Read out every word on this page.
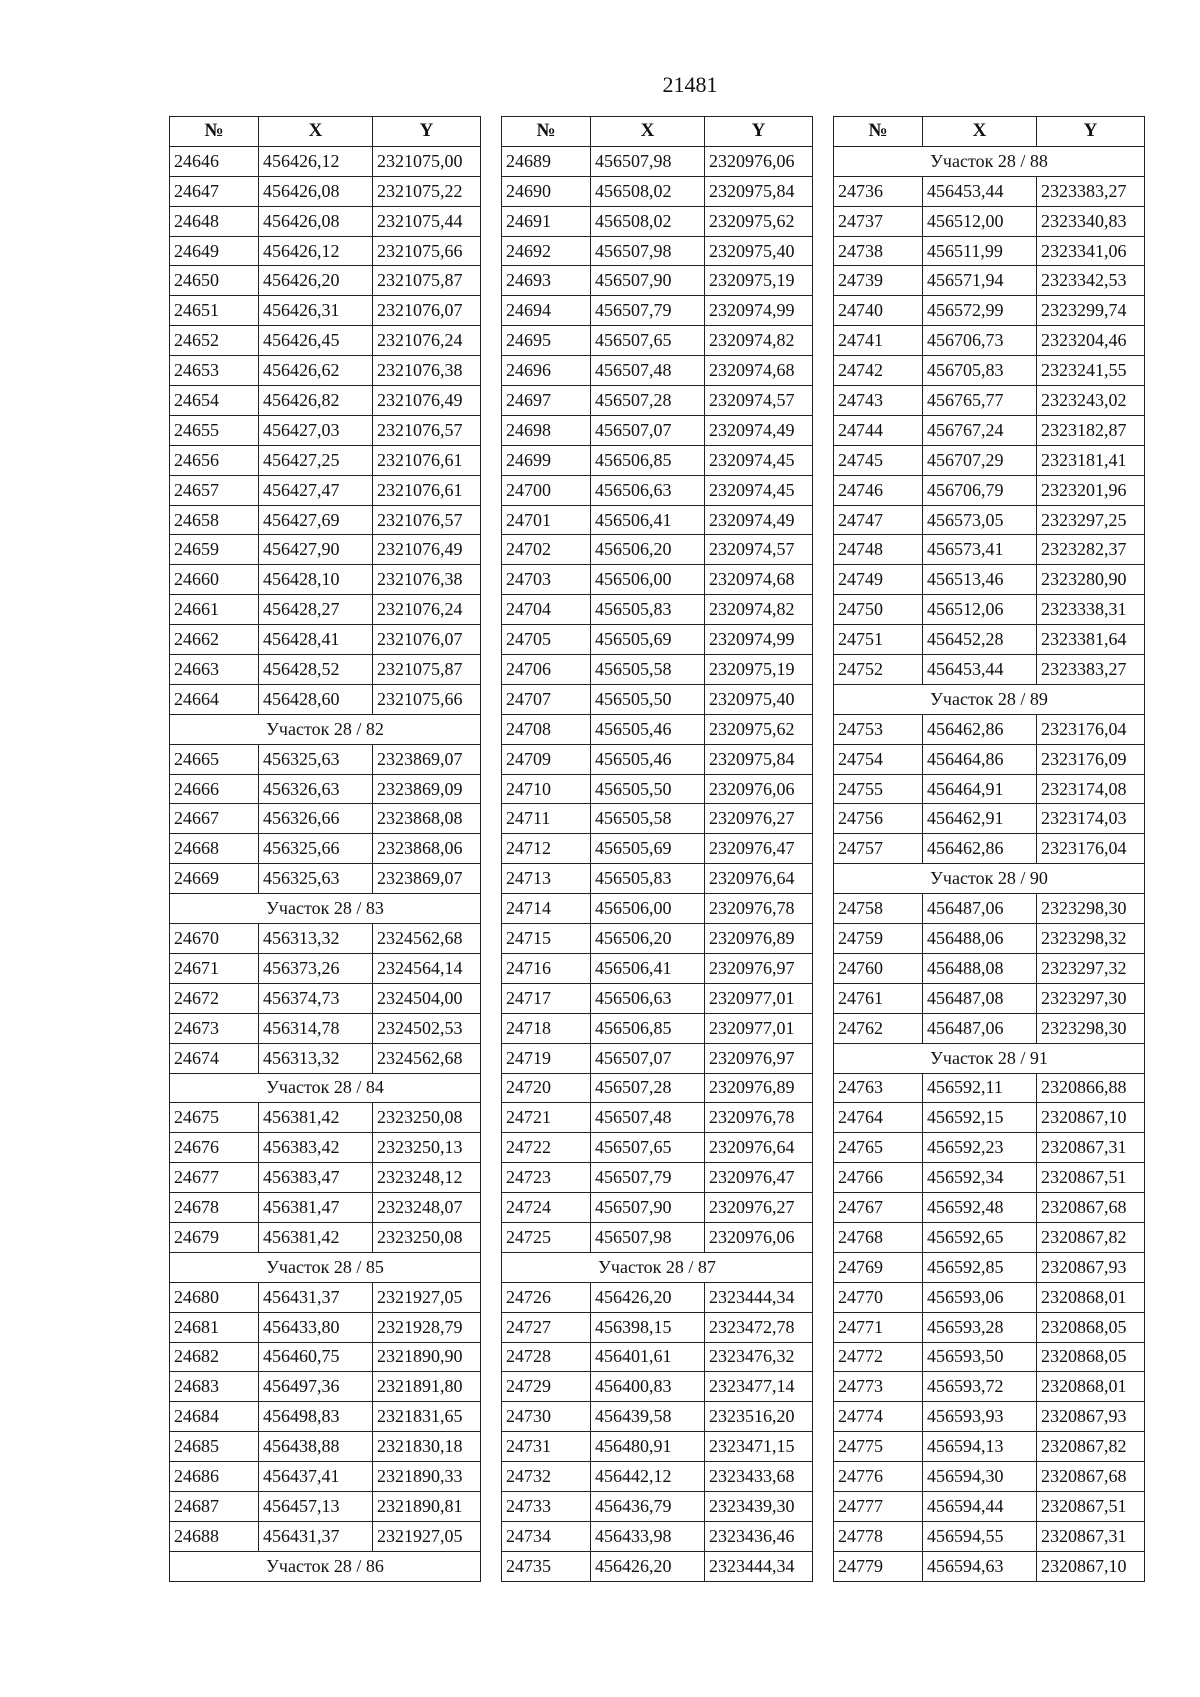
21481
№	X	Y
24646	456426,12	2321075,00
24647	456426,08	2321075,22
24648	456426,08	2321075,44
24649	456426,12	2321075,66
24650	456426,20	2321075,87
24651	456426,31	2321076,07
24652	456426,45	2321076,24
24653	456426,62	2321076,38
24654	456426,82	2321076,49
24655	456427,03	2321076,57
24656	456427,25	2321076,61
24657	456427,47	2321076,61
24658	456427,69	2321076,57
24659	456427,90	2321076,49
24660	456428,10	2321076,38
24661	456428,27	2321076,24
24662	456428,41	2321076,07
24663	456428,52	2321075,87
24664	456428,60	2321075,66
Участок 28 / 82		
24665	456325,63	2323869,07
24666	456326,63	2323869,09
24667	456326,66	2323868,08
24668	456325,66	2323868,06
24669	456325,63	2323869,07
Участок 28 / 83		
24670	456313,32	2324562,68
24671	456373,26	2324564,14
24672	456374,73	2324504,00
24673	456314,78	2324502,53
24674	456313,32	2324562,68
Участок 28 / 84		
24675	456381,42	2323250,08
24676	456383,42	2323250,13
24677	456383,47	2323248,12
24678	456381,47	2323248,07
24679	456381,42	2323250,08
Участок 28 / 85		
24680	456431,37	2321927,05
24681	456433,80	2321928,79
24682	456460,75	2321890,90
24683	456497,36	2321891,80
24684	456498,83	2321831,65
24685	456438,88	2321830,18
24686	456437,41	2321890,33
24687	456457,13	2321890,81
24688	456431,37	2321927,05
Участок 28 / 86		
№	X	Y
24689	456507,98	2320976,06
24690	456508,02	2320975,84
24691	456508,02	2320975,62
24692	456507,98	2320975,40
24693	456507,90	2320975,19
24694	456507,79	2320974,99
24695	456507,65	2320974,82
24696	456507,48	2320974,68
24697	456507,28	2320974,57
24698	456507,07	2320974,49
24699	456506,85	2320974,45
24700	456506,63	2320974,45
24701	456506,41	2320974,49
24702	456506,20	2320974,57
24703	456506,00	2320974,68
24704	456505,83	2320974,82
24705	456505,69	2320974,99
24706	456505,58	2320975,19
24707	456505,50	2320975,40
24708	456505,46	2320975,62
24709	456505,46	2320975,84
24710	456505,50	2320976,06
24711	456505,58	2320976,27
24712	456505,69	2320976,47
24713	456505,83	2320976,64
24714	456506,00	2320976,78
24715	456506,20	2320976,89
24716	456506,41	2320976,97
24717	456506,63	2320977,01
24718	456506,85	2320977,01
24719	456507,07	2320976,97
24720	456507,28	2320976,89
24721	456507,48	2320976,78
24722	456507,65	2320976,64
24723	456507,79	2320976,47
24724	456507,90	2320976,27
24725	456507,98	2320976,06
Участок 28 / 87		
24726	456426,20	2323444,34
24727	456398,15	2323472,78
24728	456401,61	2323476,32
24729	456400,83	2323477,14
24730	456439,58	2323516,20
24731	456480,91	2323471,15
24732	456442,12	2323433,68
24733	456436,79	2323439,30
24734	456433,98	2323436,46
24735	456426,20	2323444,34
№	X	Y
Участок 28 / 88		
24736	456453,44	2323383,27
24737	456512,00	2323340,83
24738	456511,99	2323341,06
24739	456571,94	2323342,53
24740	456572,99	2323299,74
24741	456706,73	2323204,46
24742	456705,83	2323241,55
24743	456765,77	2323243,02
24744	456767,24	2323182,87
24745	456707,29	2323181,41
24746	456706,79	2323201,96
24747	456573,05	2323297,25
24748	456573,41	2323282,37
24749	456513,46	2323280,90
24750	456512,06	2323338,31
24751	456452,28	2323381,64
24752	456453,44	2323383,27
Участок 28 / 89		
24753	456462,86	2323176,04
24754	456464,86	2323176,09
24755	456464,91	2323174,08
24756	456462,91	2323174,03
24757	456462,86	2323176,04
Участок 28 / 90		
24758	456487,06	2323298,30
24759	456488,06	2323298,32
24760	456488,08	2323297,32
24761	456487,08	2323297,30
24762	456487,06	2323298,30
Участок 28 / 91		
24763	456592,11	2320866,88
24764	456592,15	2320867,10
24765	456592,23	2320867,31
24766	456592,34	2320867,51
24767	456592,48	2320867,68
24768	456592,65	2320867,82
24769	456592,85	2320867,93
24770	456593,06	2320868,01
24771	456593,28	2320868,05
24772	456593,50	2320868,05
24773	456593,72	2320868,01
24774	456593,93	2320867,93
24775	456594,13	2320867,82
24776	456594,30	2320867,68
24777	456594,44	2320867,51
24778	456594,55	2320867,31
24779	456594,63	2320867,10
